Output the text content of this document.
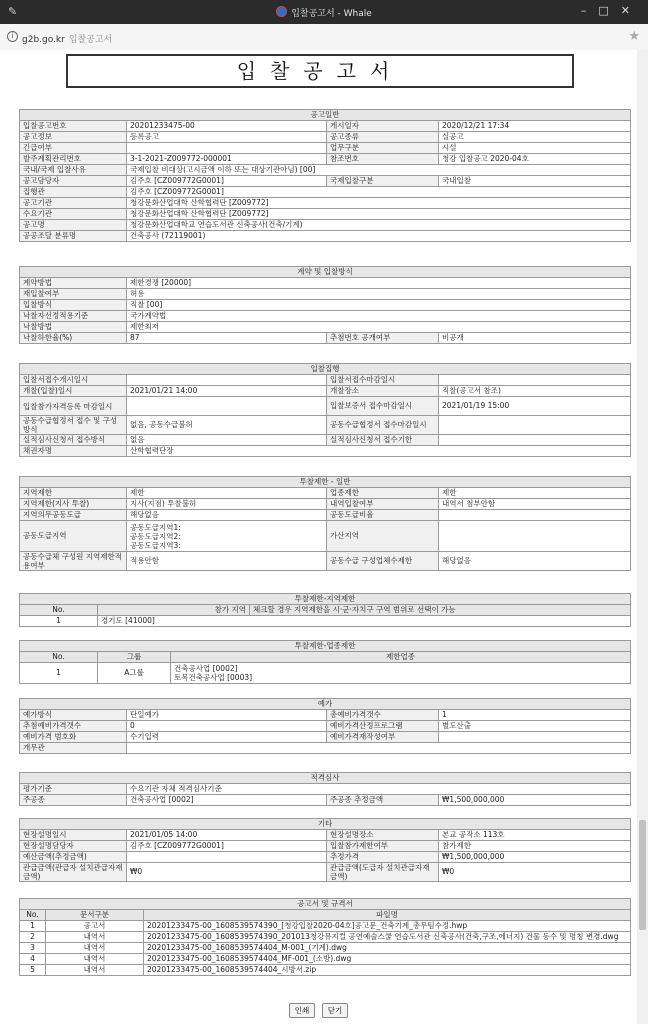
✎	입찰공고서 - Whale	–□✕
i g2b.go.kr 입찰공고서	★
입찰공고서
공고일반			
입찰공고번호	20201233475-00	게시일자	2020/12/21 17:34
공고정보	등록공고	공고종류	실공고
긴급여부		업무구분	시설
발주계획관리번호	3-1-2021-Z009772-000001	참조번호	청강 입찰공고 2020-04호
국내/국제 입찰사유	국제입찰 비대상(고시금액 이하 또는 대상기관아님) [00]		
공고담당자	김주호 [CZ009772G0001]	국제입찰구분	국내입찰
집행관	김주호 [CZ009772G0001]		
공고기관	청강문화산업대학 산학협력단 [Z009772]		
수요기관	청강문화산업대학 산학협력단 [Z009772]		
공고명	청강문화산업대학교 연습도서관 신축공사(건축/기계)		
공공조달 분류명	건축공사 (72119001)		
계약 및 입찰방식			
계약방법	제한경쟁 [20000]		
재입찰여부	허용		
입찰방식	직찰 [00]		
낙찰자선정적용기준	국가계약법		
낙찰방법	제한최저		
낙찰하한율(%)	87	추첨번호 공개여부	비공개
입찰집행			
입찰서접수개시일시		입찰서접수마감일시	
개찰(입찰)일시	2021/01/21 14:00	개찰장소	직찰(공고서 참조)
입찰참가자격등록 마감일시		입찰보증서 접수마감일시	2021/01/19 15:00
공동수급협정서 접수 및 구성방식	없음, 공동수급불허	공동수급협정서 접수마감일시	
실적심사신청서 접수방식	없음	실적심사신청서 접수기한	
채권자명	산학협력단장		
투찰제한 - 일반			
지역제한	제한	업종제한	제한
지역제한(지사 투찰)	지사(지점) 투찰불허	내역입찰여부	내역서 첨부안함
지역의무공동도급	해당없음	공동도급비율	
공동도급지역	공동도급지역1:
공동도급지역2:
공동도급지역3:	가산지역	
공동수급체 구성원 지역제한적용여부	적용안함	공동수급 구성업체수제한	해당없음
투찰제한-지역제한		
No.	참가 지역	체크할 경우 지역제한을 시·군·자치구 구역 범위로 선택이 가능
1	경기도 [41000]	
투찰제한-업종제한		
No.	그룹	제한업종
1	A그룹	건축공사업 [0002]
토목건축공사업 [0003]
예가			
예가방식	단일예가	총예비가격갯수	1
추첨예비가격갯수	0	예비가격산정프로그램	별도산출
예비가격 범호화	수기입력	예비가격재작성여부	
개무관			
적격심사			
평가기준	수요기관 자체 적격심사기준		
주공종	건축공사업 [0002]	주공종 추정금액	₩1,500,000,000
기타			
현장설명일시	2021/01/05 14:00	현장설명장소	본교 공작소 113호
현장설명담당자	김주호 [CZ009772G0001]	입찰참가제한여부	참가제한
예산금액(추정금액)		추정가격	₩1,500,000,000
관급금액(관급자 설치관급자재 금액)	₩0	관급금액(도급자 설치관급자재 금액)	₩0
공고서 및 규격서		
No.	문서구분	파일명
1	공고서	20201233475-00_1608539574390_[청강입찰2020-04호]공고문_건축기계_총무팀수정.hwp
2	내역서	20201233475-00_1608539574390_201013청강뮤지컬 공연예술스쿨 연습도서관 신축공사(건축,구조,에너지) 건물 동수 및 명칭 변경.dwg
3	내역서	20201233475-00_1608539574404_M-001_(기계).dwg
4	내역서	20201233475-00_1608539574404_MF-001_(소방).dwg
5	내역서	20201233475-00_1608539574404_시방서.zip
인쇄 닫기
